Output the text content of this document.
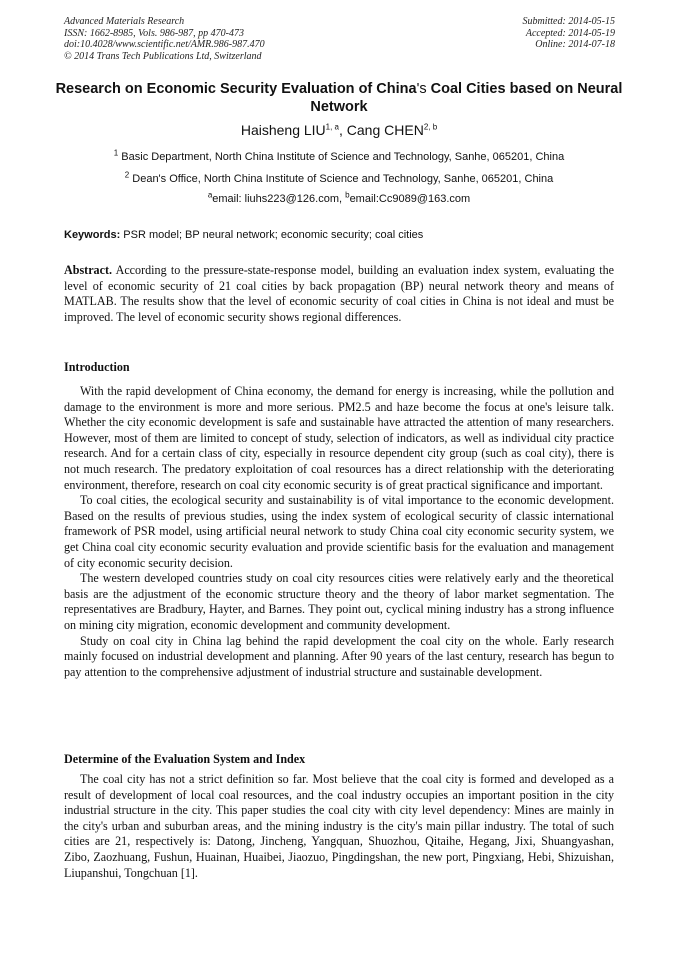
Advanced Materials Research
ISSN: 1662-8985, Vols. 986-987, pp 470-473
doi:10.4028/www.scientific.net/AMR.986-987.470
© 2014 Trans Tech Publications Ltd, Switzerland
Submitted: 2014-05-15
Accepted: 2014-05-19
Online: 2014-07-18
Research on Economic Security Evaluation of China's Coal Cities based on Neural Network
Haisheng LIU$^{1, a}$, Cang CHEN$^{2, b}$
$^1$ Basic Department, North China Institute of Science and Technology, Sanhe, 065201, China
$^2$ Dean's Office, North China Institute of Science and Technology, Sanhe, 065201, China
$^a$email: liuhs223@126.com, $^b$email:Cc9089@163.com
Keywords: PSR model; BP neural network; economic security; coal cities
Abstract. According to the pressure-state-response model, building an evaluation index system, evaluating the level of economic security of 21 coal cities by back propagation (BP) neural network theory and means of MATLAB. The results show that the level of economic security of coal cities in China is not ideal and must be improved. The level of economic security shows regional differences.
Introduction

With the rapid development of China economy, the demand for energy is increasing, while the pollution and damage to the environment is more and more serious. PM2.5 and haze become the focus at one's leisure talk. Whether the city economic development is safe and sustainable have attracted the attention of many researchers. However, most of them are limited to concept of study, selection of indicators, as well as individual city practice research. And for a certain class of city, especially in resource dependent city group (such as coal city), there is not much research. The predatory exploitation of coal resources has a direct relationship with the deteriorating environment, therefore, research on coal city economic security is of great practical significance and important.

To coal cities, the ecological security and sustainability is of vital importance to the economic development. Based on the results of previous studies, using the index system of ecological security of classic international framework of PSR model, using artificial neural network to study China coal city economic security system, we get China coal city economic security evaluation and provide scientific basis for the evaluation and management of city economic security decision.

The western developed countries study on coal city resources cities were relatively early and the theoretical basis are the adjustment of the economic structure theory and the theory of labor market segmentation. The representatives are Bradbury, Hayter, and Barnes. They point out, cyclical mining industry has a strong influence on mining city migration, economic development and community development.

Study on coal city in China lag behind the rapid development the coal city on the whole. Early research mainly focused on industrial development and planning. After 90 years of the last century, research has begun to pay attention to the comprehensive adjustment of industrial structure and sustainable development.

Determine of the Evaluation System and Index

The coal city has not a strict definition so far. Most believe that the coal city is formed and developed as a result of development of local coal resources, and the coal industry occupies an important position in the city industrial structure in the city. This paper studies the coal city with city level dependency: Mines are mainly in the city's urban and suburban areas, and the mining industry is the city's main pillar industry. The total of such cities are 21, respectively is: Datong, Jincheng, Yangquan, Shuozhou, Qitaihe, Hegang, Jixi, Shuangyashan, Zibo, Zaozhuang, Fushun, Huainan, Huaibei, Jiaozuo, Pingdingshan, the new port, Pingxiang, Hebi, Shizuishan, Liupanshui, Tongchuan [1].
